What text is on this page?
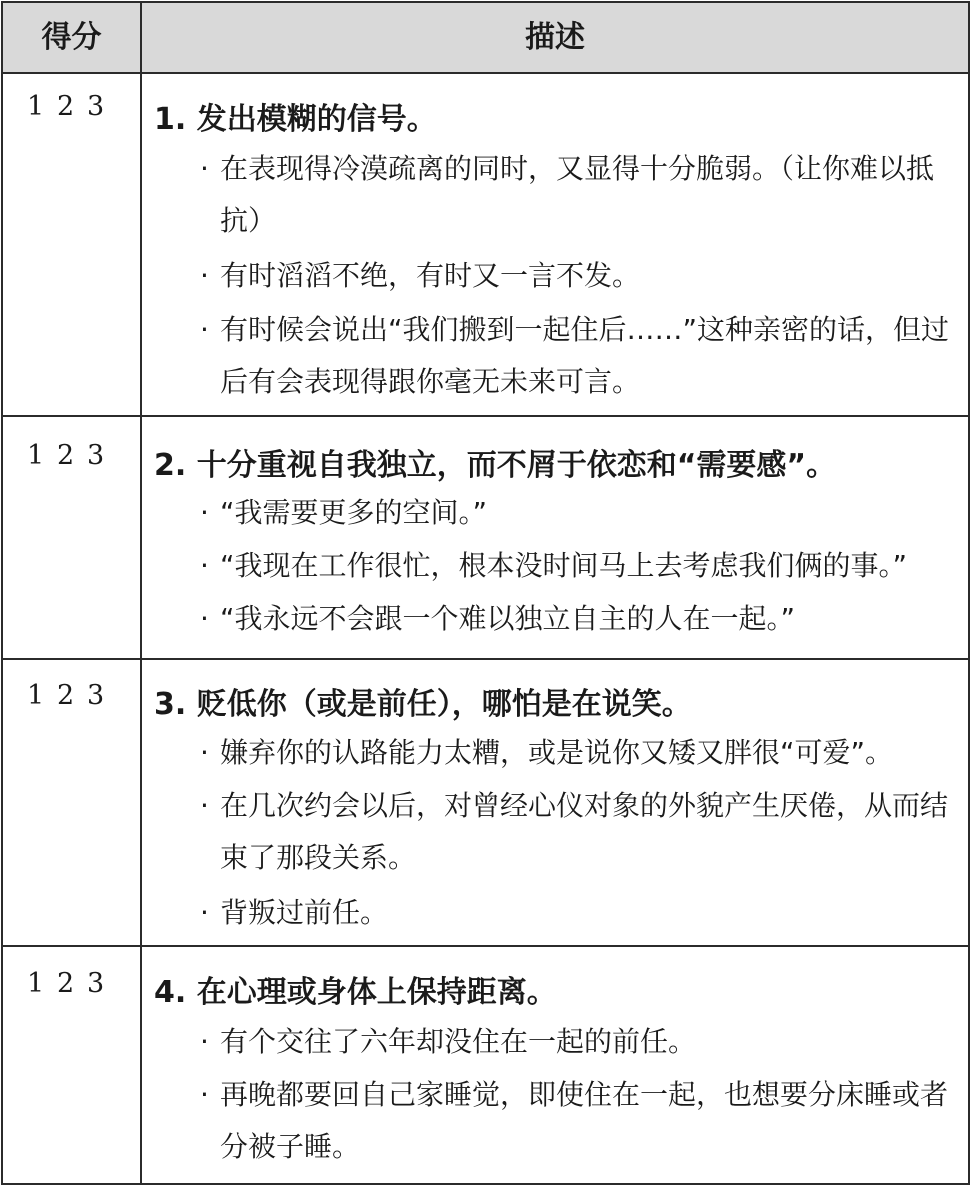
得分	描述
1 2 3	1. 发出模糊的信号。
· 在表现得冷漠疏离的同时，又显得十分脆弱。（让你难以抵抗）
· 有时滔滔不绝，有时又一言不发。
· 有时候会说出“我们搬到一起住后……”这种亲密的话，但过后有会表现得跟你毫无未来可言。
1 2 3	2. 十分重视自我独立，而不屑于依恋和“需要感”。
· “我需要更多的空间。”
· “我现在工作很忙，根本没时间马上去考虑我们俩的事。”
· “我永远不会跟一个难以独立自主的人在一起。”
1 2 3	3. 贬低你（或是前任），哪怕是在说笑。
· 嫌弃你的认路能力太糟，或是说你又矮又胖很“可爱”。
· 在几次约会以后，对曾经心仪对象的外貌产生厌倦，从而结束了那段关系。
· 背叛过前任。
1 2 3	4. 在心理或身体上保持距离。
· 有个交往了六年却没住在一起的前任。
· 再晚都要回自己家睡觉，即使住在一起，也想要分床睡或者分被子睡。
